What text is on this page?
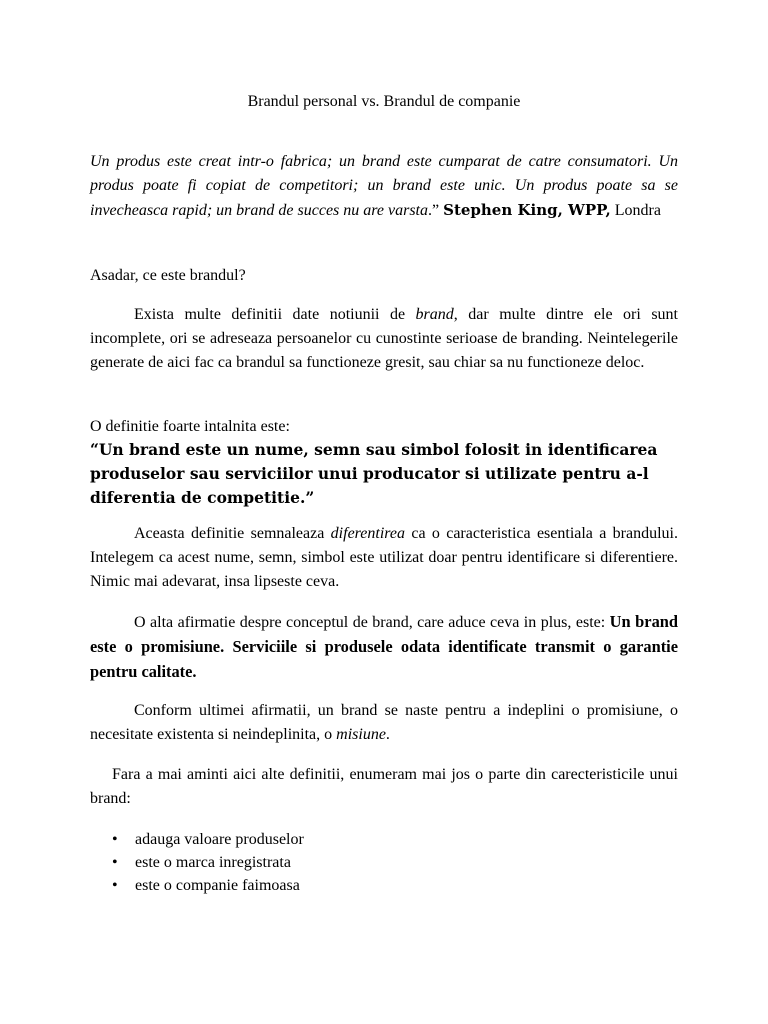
Brandul personal vs. Brandul de companie
Un produs este creat intr-o fabrica; un brand este cumparat de catre consumatori. Un produs poate fi copiat de competitori; un brand este unic. Un produs poate sa se invecheasca rapid; un brand de succes nu are varsta.” Stephen King, WPP, Londra
Asadar, ce este brandul?
Exista multe definitii date notiunii de brand, dar multe dintre ele ori sunt incomplete, ori se adreseaza persoanelor cu cunostinte serioase de branding. Neintelegerile generate de aici fac ca brandul sa functioneze gresit, sau chiar sa nu functioneze deloc.
O definitie foarte intalnita este:
“Un brand este un nume, semn sau simbol folosit in identificarea produselor sau serviciilor unui producator si utilizate pentru a-l diferentia de competitie.”
Aceasta definitie semnaleaza diferentirea ca o caracteristica esentiala a brandului. Intelegem ca acest nume, semn, simbol este utilizat doar pentru identificare si diferentiere. Nimic mai adevarat, insa lipseste ceva.
O alta afirmatie despre conceptul de brand, care aduce ceva in plus, este: Un brand este o promisiune. Serviciile si produsele odata identificate transmit o garantie pentru calitate.
Conform ultimei afirmatii, un brand se naste pentru a indeplini o promisiune, o necesitate existenta si neindeplinita, o misiune.
Fara a mai aminti aici alte definitii, enumeram mai jos o parte din carecteristicile unui brand:
• adauga valoare produselor
• este o marca inregistrata
• este o companie faimoasa
